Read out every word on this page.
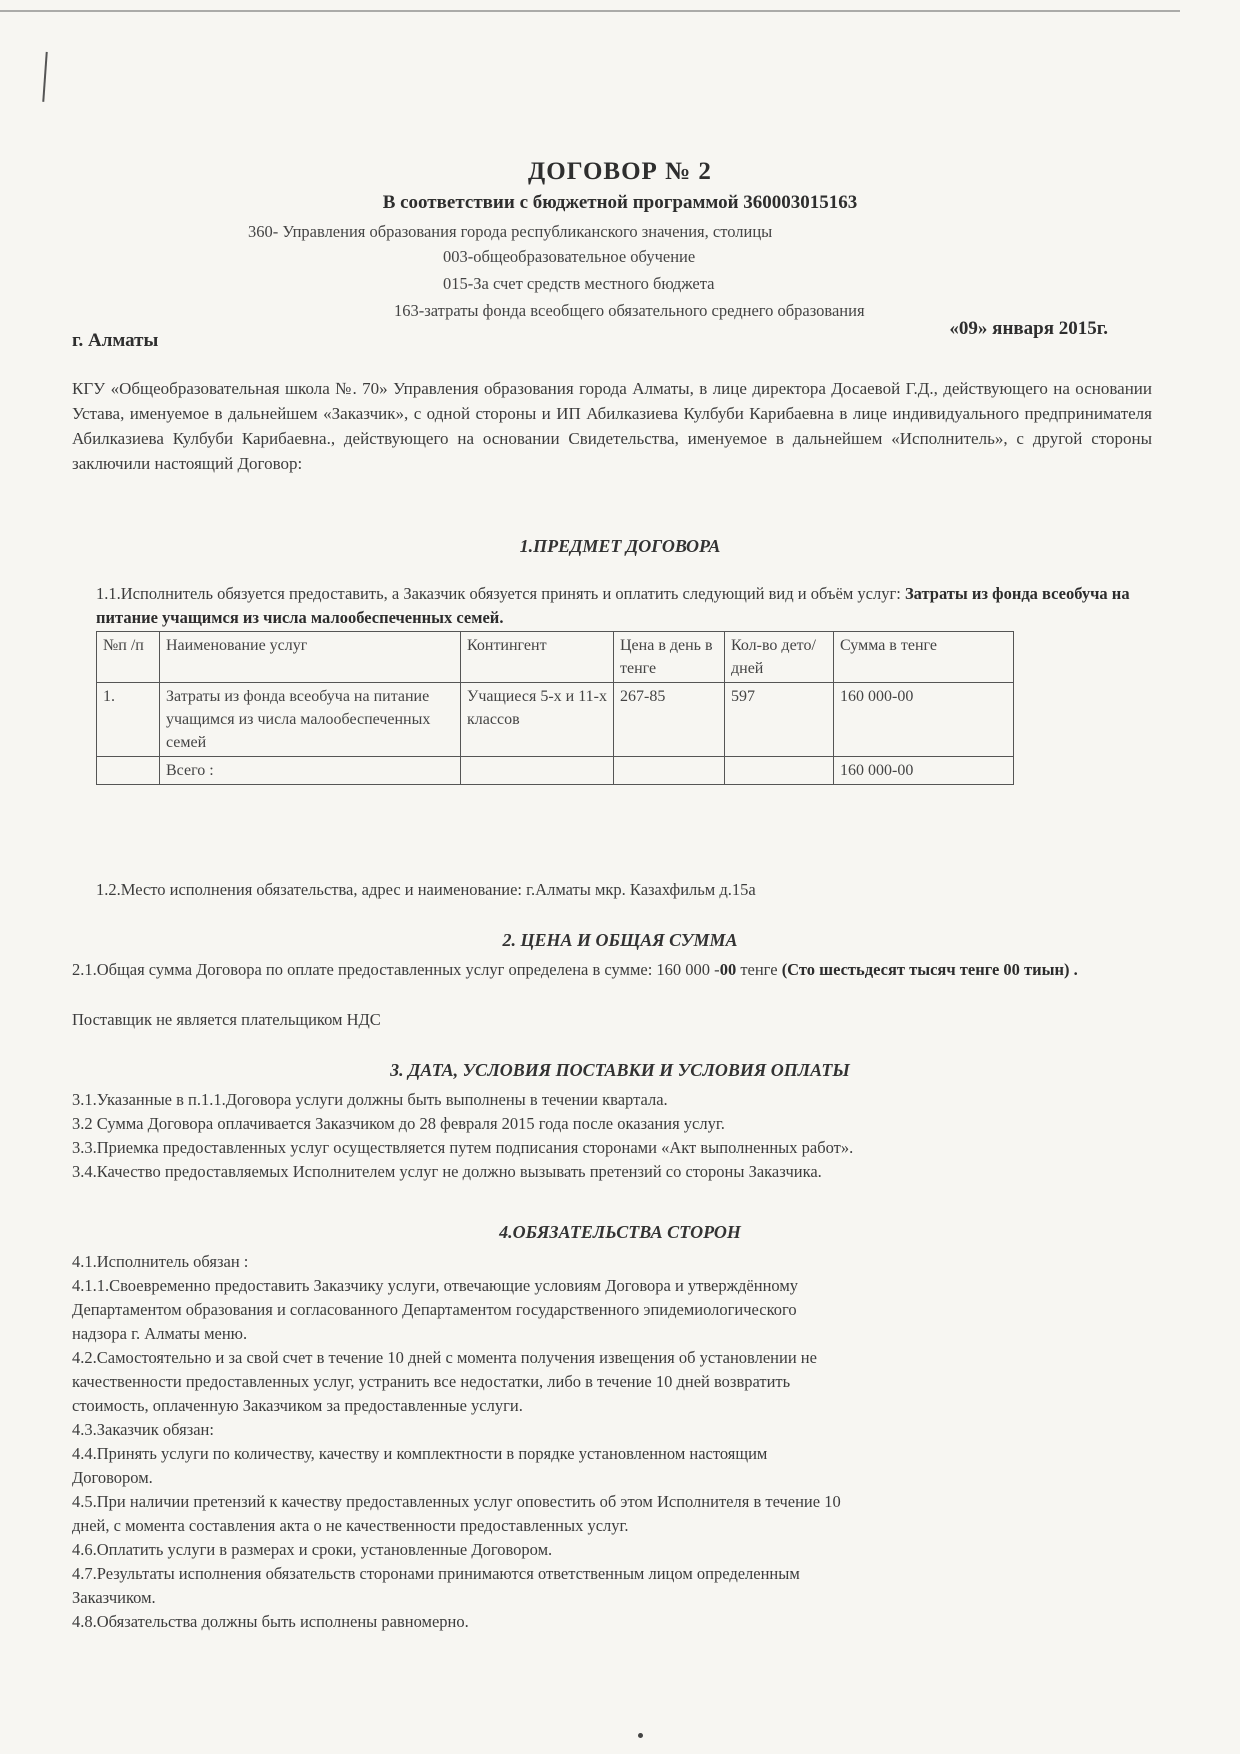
ДОГОВОР № 2
В соответствии с бюджетной программой 360003015163
360- Управления образования города республиканского значения, столицы
003-общеобразовательное обучение
015-За счет средств местного бюджета
163-затраты фонда всеобщего обязательного среднего образования
г. Алматы
«09» января 2015г.
КГУ «Общеобразовательная школа №. 70» Управления образования города Алматы, в лице директора Досаевой Г.Д., действующего на основании Устава, именуемое в дальнейшем «Заказчик», с одной стороны и ИП Абилказиева Кулбуби Карибаевна в лице индивидуального предпринимателя Абилказиева Кулбуби Карибаевна., действующего на основании Свидетельства, именуемое в дальнейшем «Исполнитель», с другой стороны заключили настоящий Договор:
1.ПРЕДМЕТ ДОГОВОРА
1.1.Исполнитель обязуется предоставить, а Заказчик обязуется принять и оплатить следующий вид и объём услуг: Затраты из фонда всеобуча на питание учащимся из числа малообеспеченных семей.
№п /п	Наименование услуг	Контингент	Цена в день в тенге	Кол-во дето/ дней	Сумма в тенге
1.	Затраты из фонда всеобуча на питание учащимся из числа малообеспеченных семей	Учащиеся 5-х и 11-х классов	267-85	597	160 000-00
	Всего :				160 000-00
1.2.Место исполнения обязательства, адрес и наименование: г.Алматы мкр. Казахфильм д.15а
2. ЦЕНА И ОБЩАЯ СУММА
2.1.Общая сумма Договора по оплате предоставленных услуг определена в сумме: 160 000 -00 тенге (Сто шестьдесят тысяч тенге 00 тиын) .
Поставщик не является плательщиком НДС
3. ДАТА, УСЛОВИЯ ПОСТАВКИ И УСЛОВИЯ ОПЛАТЫ
3.1.Указанные в п.1.1.Договора услуги должны быть выполнены в течении квартала.
3.2 Сумма Договора оплачивается Заказчиком до 28 февраля 2015 года после оказания услуг.
3.3.Приемка предоставленных услуг осуществляется путем подписания сторонами «Акт выполненных работ».
3.4.Качество предоставляемых Исполнителем услуг не должно вызывать претензий со стороны Заказчика.
4.ОБЯЗАТЕЛЬСТВА СТОРОН
4.1.Исполнитель обязан :
4.1.1.Своевременно предоставить Заказчику услуги, отвечающие условиям Договора и утверждённому
Департаментом образования и согласованного Департаментом государственного эпидемиологического
надзора г. Алматы меню.
4.2.Самостоятельно и за свой счет в течение 10 дней с момента получения извещения об установлении не
качественности предоставленных услуг, устранить все недостатки, либо в течение 10 дней возвратить
стоимость, оплаченную Заказчиком за предоставленные услуги.
4.3.Заказчик обязан:
4.4.Принять услуги по количеству, качеству и комплектности в порядке установленном настоящим
Договором.
4.5.При наличии претензий к качеству предоставленных услуг оповестить об этом Исполнителя в течение 10
дней, с момента составления акта о не качественности предоставленных услуг.
4.6.Оплатить услуги в размерах и сроки, установленные Договором.
4.7.Результаты исполнения обязательств сторонами принимаются ответственным лицом определенным
Заказчиком.
4.8.Обязательства должны быть исполнены равномерно.
